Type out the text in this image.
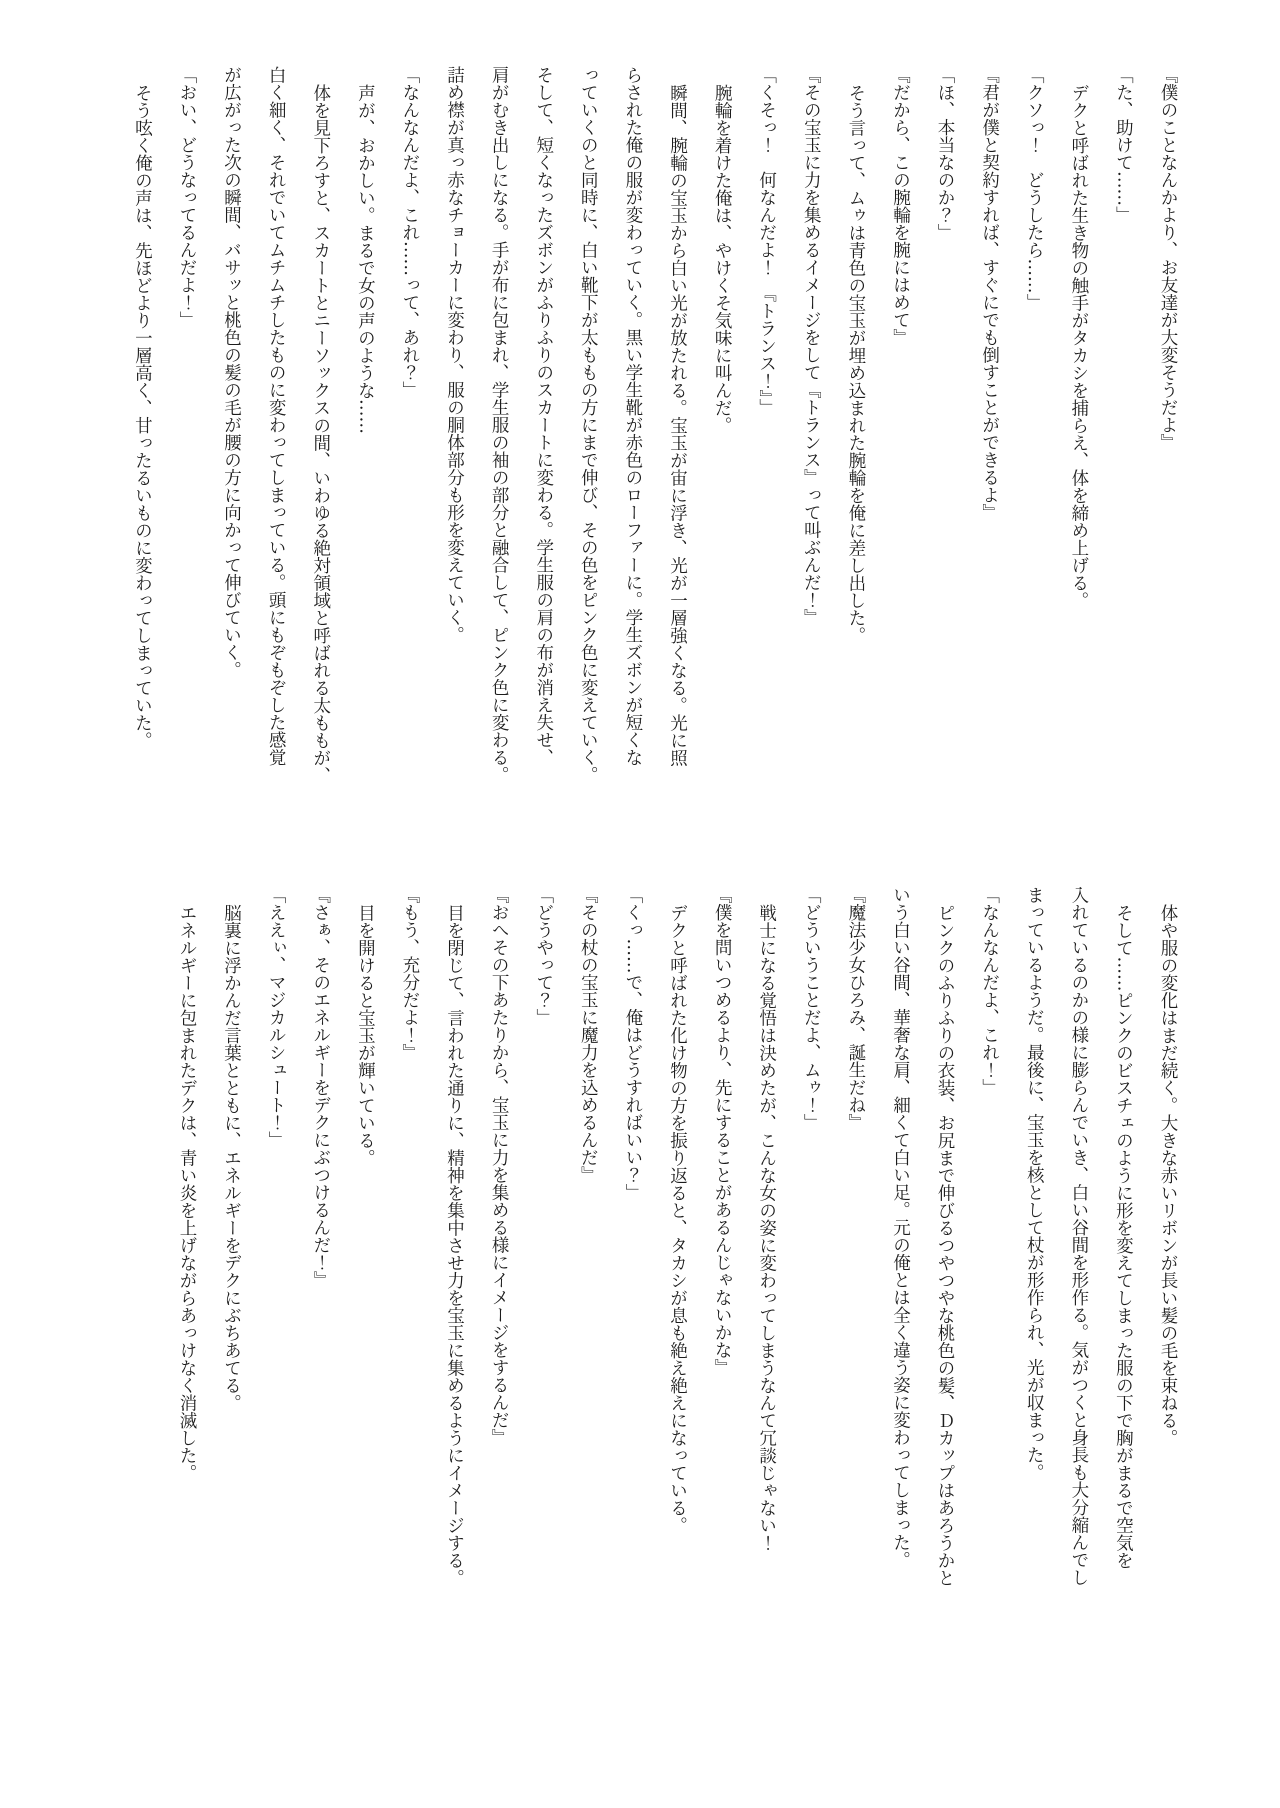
『僕のことなんかより、お友達が大変そうだよ』
「た、助けて……」
デクと呼ばれた生き物の触手がタカシを捕らえ、体を締め上げる。
「クソっ！　どうしたら……」
『君が僕と契約すれば、すぐにでも倒すことができるよ』
「ほ、本当なのか？」
『だから、この腕輪を腕にはめて』
そう言って、ムゥは青色の宝玉が埋め込まれた腕輪を俺に差し出した。
『その宝玉に力を集めるイメージをして『トランス』って叫ぶんだ！』
「くそっ！　何なんだよ！　『トランス！』」
腕輪を着けた俺は、やけくそ気味に叫んだ。
瞬間、腕輪の宝玉から白い光が放たれる。宝玉が宙に浮き、光が一層強くなる。光に照
らされた俺の服が変わっていく。黒い学生靴が赤色のローファーに。学生ズボンが短くな
っていくのと同時に、白い靴下が太ももの方にまで伸び、その色をピンク色に変えていく。
そして、短くなったズボンがふりふりのスカートに変わる。学生服の肩の布が消え失せ、
肩がむき出しになる。手が布に包まれ、学生服の袖の部分と融合して、ピンク色に変わる。
詰め襟が真っ赤なチョーカーに変わり、服の胴体部分も形を変えていく。
「なんなんだよ、これ……って、あれ？」
声が、おかしい。まるで女の声のような……
体を見下ろすと、スカートとニーソックスの間、いわゆる絶対領域と呼ばれる太ももが、
白く細く、それでいてムチムチしたものに変わってしまっている。頭にもぞもぞした感覚
が広がった次の瞬間、バサッと桃色の髪の毛が腰の方に向かって伸びていく。
「おい、どうなってるんだよ！」
そう呟く俺の声は、先ほどより一層高く、甘ったるいものに変わってしまっていた。
体や服の変化はまだ続く。大きな赤いリボンが長い髪の毛を束ねる。
そして……ピンクのビスチェのように形を変えてしまった服の下で胸がまるで空気を
入れているのかの様に膨らんでいき、白い谷間を形作る。気がつくと身長も大分縮んでし
まっているようだ。最後に、宝玉を核として杖が形作られ、光が収まった。
「なんなんだよ、これ！」
ピンクのふりふりの衣装、お尻まで伸びるつやつやな桃色の髪、Ｄカップはあろうかと
いう白い谷間、華奢な肩、細くて白い足。元の俺とは全く違う姿に変わってしまった。
『魔法少女ひろみ、誕生だね』
「どういうことだよ、ムゥ！」
戦士になる覚悟は決めたが、こんな女の姿に変わってしまうなんて冗談じゃない！
『僕を問いつめるより、先にすることがあるんじゃないかな』
デクと呼ばれた化け物の方を振り返ると、タカシが息も絶え絶えになっている。
「くっ……で、俺はどうすればいい？」
『その杖の宝玉に魔力を込めるんだ』
「どうやって？」
『おへその下あたりから、宝玉に力を集める様にイメージをするんだ』
目を閉じて、言われた通りに、精神を集中させ力を宝玉に集めるようにイメージする。
『もう、充分だよ！』
目を開けると宝玉が輝いている。
『さぁ、そのエネルギーをデクにぶつけるんだ！』
「ええぃ、マジカルシュート！」
脳裏に浮かんだ言葉とともに、エネルギーをデクにぶちあてる。
エネルギーに包まれたデクは、青い炎を上げながらあっけなく消滅した。
